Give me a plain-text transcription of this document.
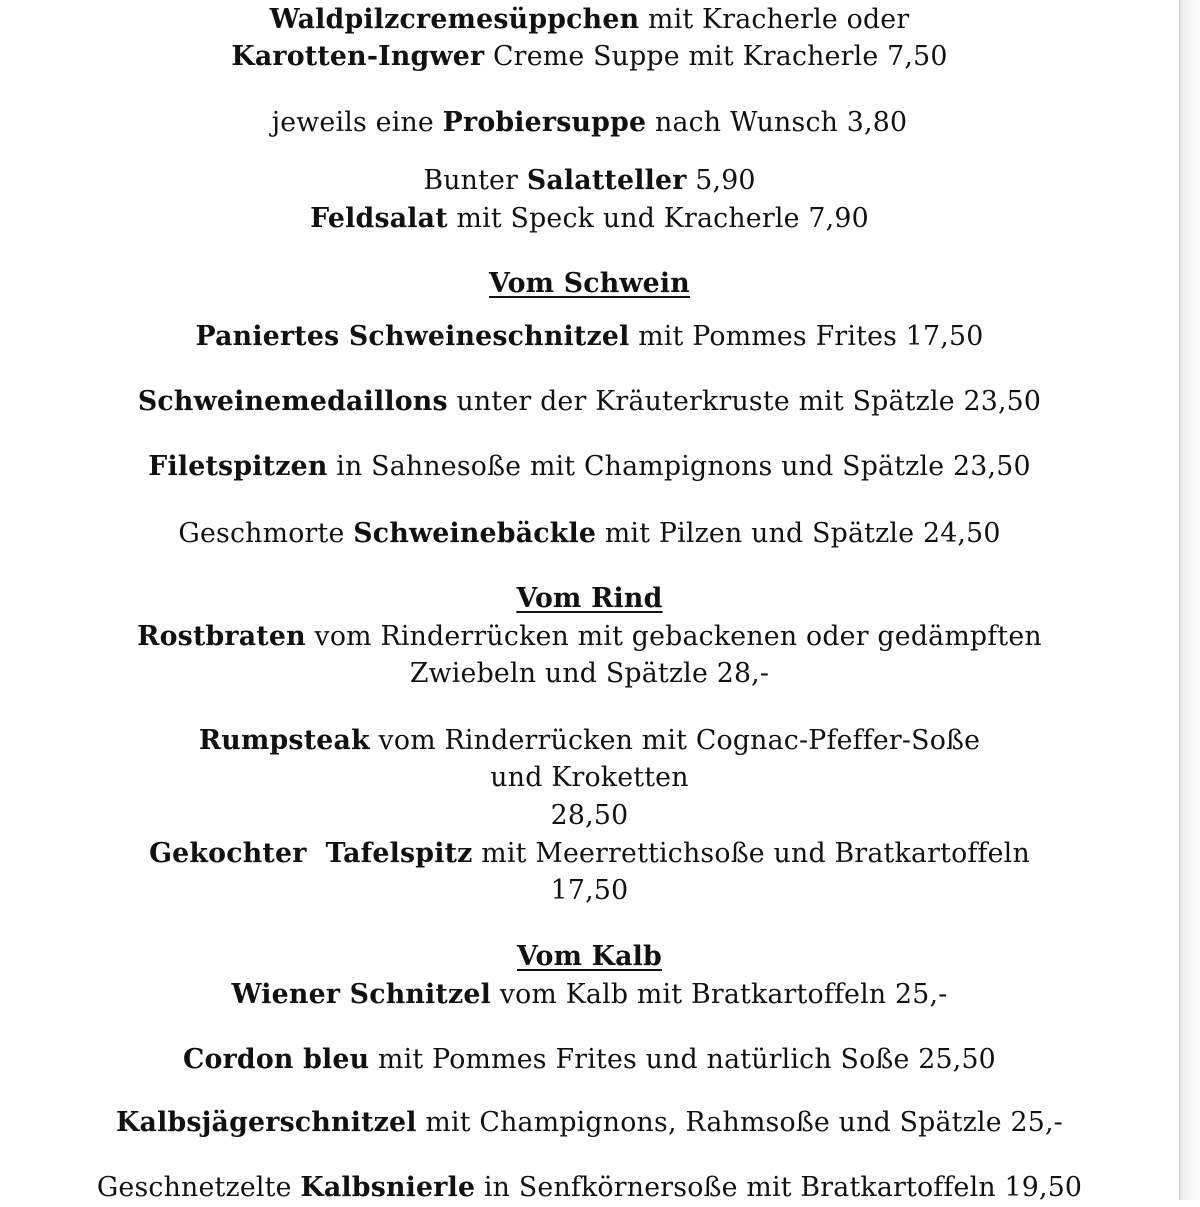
Waldpilzcremesüppchen mit Kracherle oder
Karotten-Ingwer Creme Suppe mit Kracherle 7,50
jeweils eine Probiersuppe nach Wunsch 3,80
Bunter Salatteller 5,90
Feldsalat mit Speck und Kracherle 7,90
Vom Schwein
Paniertes Schweineschnitzel mit Pommes Frites 17,50
Schweinemedaillons unter der Kräuterkruste mit Spätzle 23,50
Filetspitzen in Sahnesoße mit Champignons und Spätzle 23,50
Geschmorte Schweinebäckle mit Pilzen und Spätzle 24,50
Vom Rind
Rostbraten vom Rinderrücken mit gebackenen oder gedämpften
Zwiebeln und Spätzle 28,-
Rumpsteak vom Rinderrücken mit Cognac-Pfeffer-Soße
und Kroketten
28,50
Gekochter  Tafelspitz mit Meerrettichsoße und Bratkartoffeln
17,50
Vom Kalb
Wiener Schnitzel vom Kalb mit Bratkartoffeln 25,-
Cordon bleu mit Pommes Frites und natürlich Soße 25,50
Kalbsjägerschnitzel mit Champignons, Rahmsoße und Spätzle 25,-
Geschnetzelte Kalbsnierle in Senfkörnersoße mit Bratkartoffeln 19,50
